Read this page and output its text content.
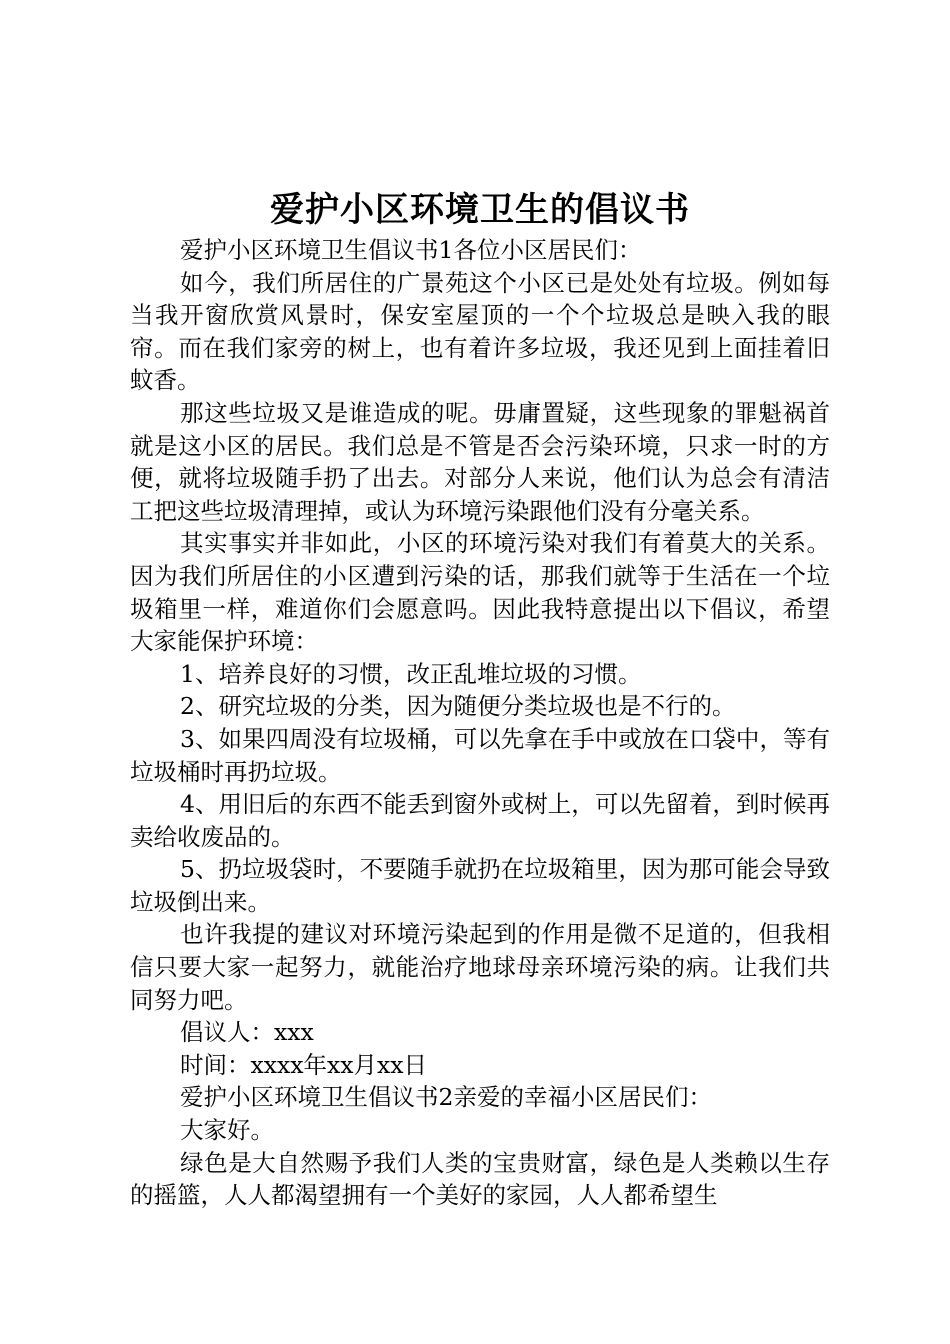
爱护小区环境卫生的倡议书

爱护小区环境卫生倡议书1各位小区居民们：

如今，我们所居住的广景苑这个小区已是处处有垃圾。例如每当我开窗欣赏风景时，保安室屋顶的一个个垃圾总是映入我的眼帘。而在我们家旁的树上，也有着许多垃圾，我还见到上面挂着旧蚊香。

那这些垃圾又是谁造成的呢。毋庸置疑，这些现象的罪魁祸首就是这小区的居民。我们总是不管是否会污染环境，只求一时的方便，就将垃圾随手扔了出去。对部分人来说，他们认为总会有清洁工把这些垃圾清理掉，或认为环境污染跟他们没有分毫关系。

其实事实并非如此，小区的环境污染对我们有着莫大的关系。因为我们所居住的小区遭到污染的话，那我们就等于生活在一个垃圾箱里一样，难道你们会愿意吗。因此我特意提出以下倡议，希望大家能保护环境：

1、培养良好的习惯，改正乱堆垃圾的习惯。

2、研究垃圾的分类，因为随便分类垃圾也是不行的。

3、如果四周没有垃圾桶，可以先拿在手中或放在口袋中，等有垃圾桶时再扔垃圾。

4、用旧后的东西不能丢到窗外或树上，可以先留着，到时候再卖给收废品的。

5、扔垃圾袋时，不要随手就扔在垃圾箱里，因为那可能会导致垃圾倒出来。

也许我提的建议对环境污染起到的作用是微不足道的，但我相信只要大家一起努力，就能治疗地球母亲环境污染的病。让我们共同努力吧。

倡议人：xxx

时间：xxxx年xx月xx日

爱护小区环境卫生倡议书2亲爱的幸福小区居民们：

大家好。

绿色是大自然赐予我们人类的宝贵财富，绿色是人类赖以生存的摇篮，人人都渴望拥有一个美好的家园，人人都希望生
